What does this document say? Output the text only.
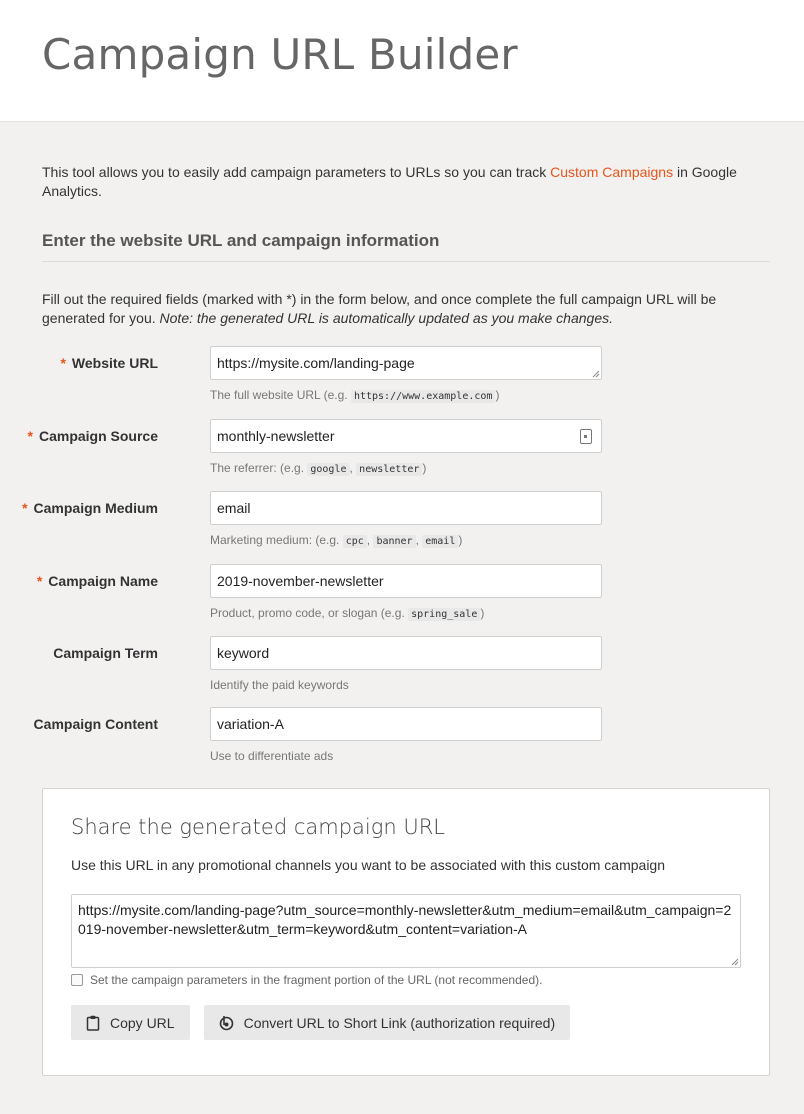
Campaign URL Builder

This tool allows you to easily add campaign parameters to URLs so you can track Custom Campaigns in Google Analytics.

Enter the website URL and campaign information

Fill out the required fields (marked with *) in the form below, and once complete the full campaign URL will be generated for you. Note: the generated URL is automatically updated as you make changes.

* Website URL	https://mysite.com/landing-page
The full website URL (e.g. https://www.example.com )
* Campaign Source	monthly-newsletter
The referrer: (e.g. google , newsletter )
* Campaign Medium	email
Marketing medium: (e.g. cpc , banner , email )
* Campaign Name	2019-november-newsletter
Product, promo code, or slogan (e.g. spring_sale )
Campaign Term	keyword
Identify the paid keywords
Campaign Content	variation-A
Use to differentiate ads
Share the generated campaign URL

Use this URL in any promotional channels you want to be associated with this custom campaign

https://mysite.com/landing-page?utm_source=monthly-newsletter&utm_medium=email&utm_campaign=2019-november-newsletter&utm_term=keyword&utm_content=variation-A
Set the campaign parameters in the fragment portion of the URL (not recommended).
Copy URL	Convert URL to Short Link (authorization required)
